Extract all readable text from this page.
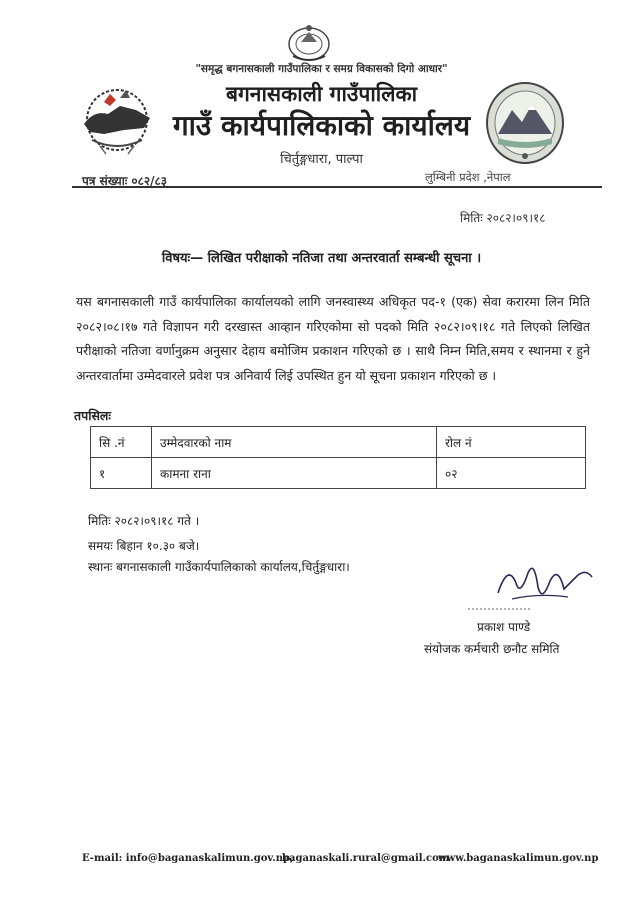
"समृद्ध बगनासकाली गाउँपालिका र समग्र विकासको दिगो आधार"
बगनासकाली गाउँपालिका
गाउँ कार्यपालिकाको कार्यालय
चिर्तुङ्गधारा, पाल्पा
पत्र संख्याः ०८२/८३	लुम्बिनी प्रदेश ,नेपाल
मितिः २०८२।०९।१८
विषयः— लिखित परीक्षाको नतिजा तथा अन्तरवार्ता सम्बन्धी सूचना ।
यस बगनासकाली गाउँ कार्यपालिका कार्यालयको लागि जनस्वास्थ्य अधिकृत पद-१ (एक) सेवा करारमा लिन मिति २०८२।०८।१७ गते विज्ञापन गरी दरखास्त आव्हान गरिएकोमा सो पदको मिति २०८२।०९।१८ गते लिएको लिखित परीक्षाको नतिजा वर्णानुक्रम अनुसार देहाय बमोजिम प्रकाशन गरिएको छ । साथै निम्न मिति,समय र स्थानमा र हुने अन्तरवार्तामा उम्मेदवारले प्रवेश पत्र अनिवार्य लिई उपस्थित हुन यो सूचना प्रकाशन गरिएको छ ।
तपसिलः
सि .नं	उम्मेदवारको नाम	रोल नं
१	कामना राना	०२
मितिः २०८२।०९।१८ गते ।
समयः बिहान १०.३० बजे।
स्थानः बगनासकाली गाउँकार्यपालिकाको कार्यालय,चिर्तुङ्गधारा।
प्रकाश पाण्डे
संयोजक कर्मचारी छनौट समिति
E-mail: info@baganaskalimun.gov.np,
baganaskali.rural@gmail.com
www.baganaskalimun.gov.np
